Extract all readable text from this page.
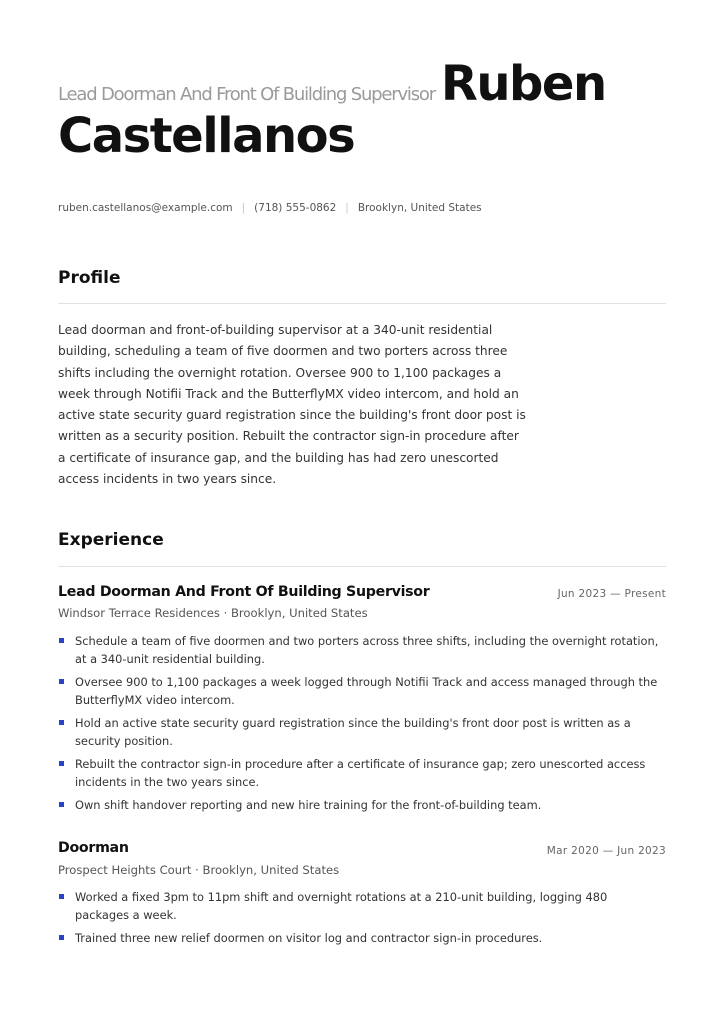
Lead Doorman And Front Of Building Supervisor Ruben
Castellanos
ruben.castellanos@example.com | (718) 555-0862 | Brooklyn, United States
Profile
Lead doorman and front-of-building supervisor at a 340-unit residential building, scheduling a team of five doormen and two porters across three shifts including the overnight rotation. Oversee 900 to 1,100 packages a week through Notifii Track and the ButterflyMX video intercom, and hold an active state security guard registration since the building's front door post is written as a security position. Rebuilt the contractor sign-in procedure after a certificate of insurance gap, and the building has had zero unescorted access incidents in two years since.
Experience
Lead Doorman And Front Of Building Supervisor	Jun 2023 — Present
Windsor Terrace Residences · Brooklyn, United States
Schedule a team of five doormen and two porters across three shifts, including the overnight rotation, at a 340-unit residential building.
Oversee 900 to 1,100 packages a week logged through Notifii Track and access managed through the ButterflyMX video intercom.
Hold an active state security guard registration since the building's front door post is written as a security position.
Rebuilt the contractor sign-in procedure after a certificate of insurance gap; zero unescorted access incidents in the two years since.
Own shift handover reporting and new hire training for the front-of-building team.
Doorman	Mar 2020 — Jun 2023
Prospect Heights Court · Brooklyn, United States
Worked a fixed 3pm to 11pm shift and overnight rotations at a 210-unit building, logging 480 packages a week.
Trained three new relief doormen on visitor log and contractor sign-in procedures.
